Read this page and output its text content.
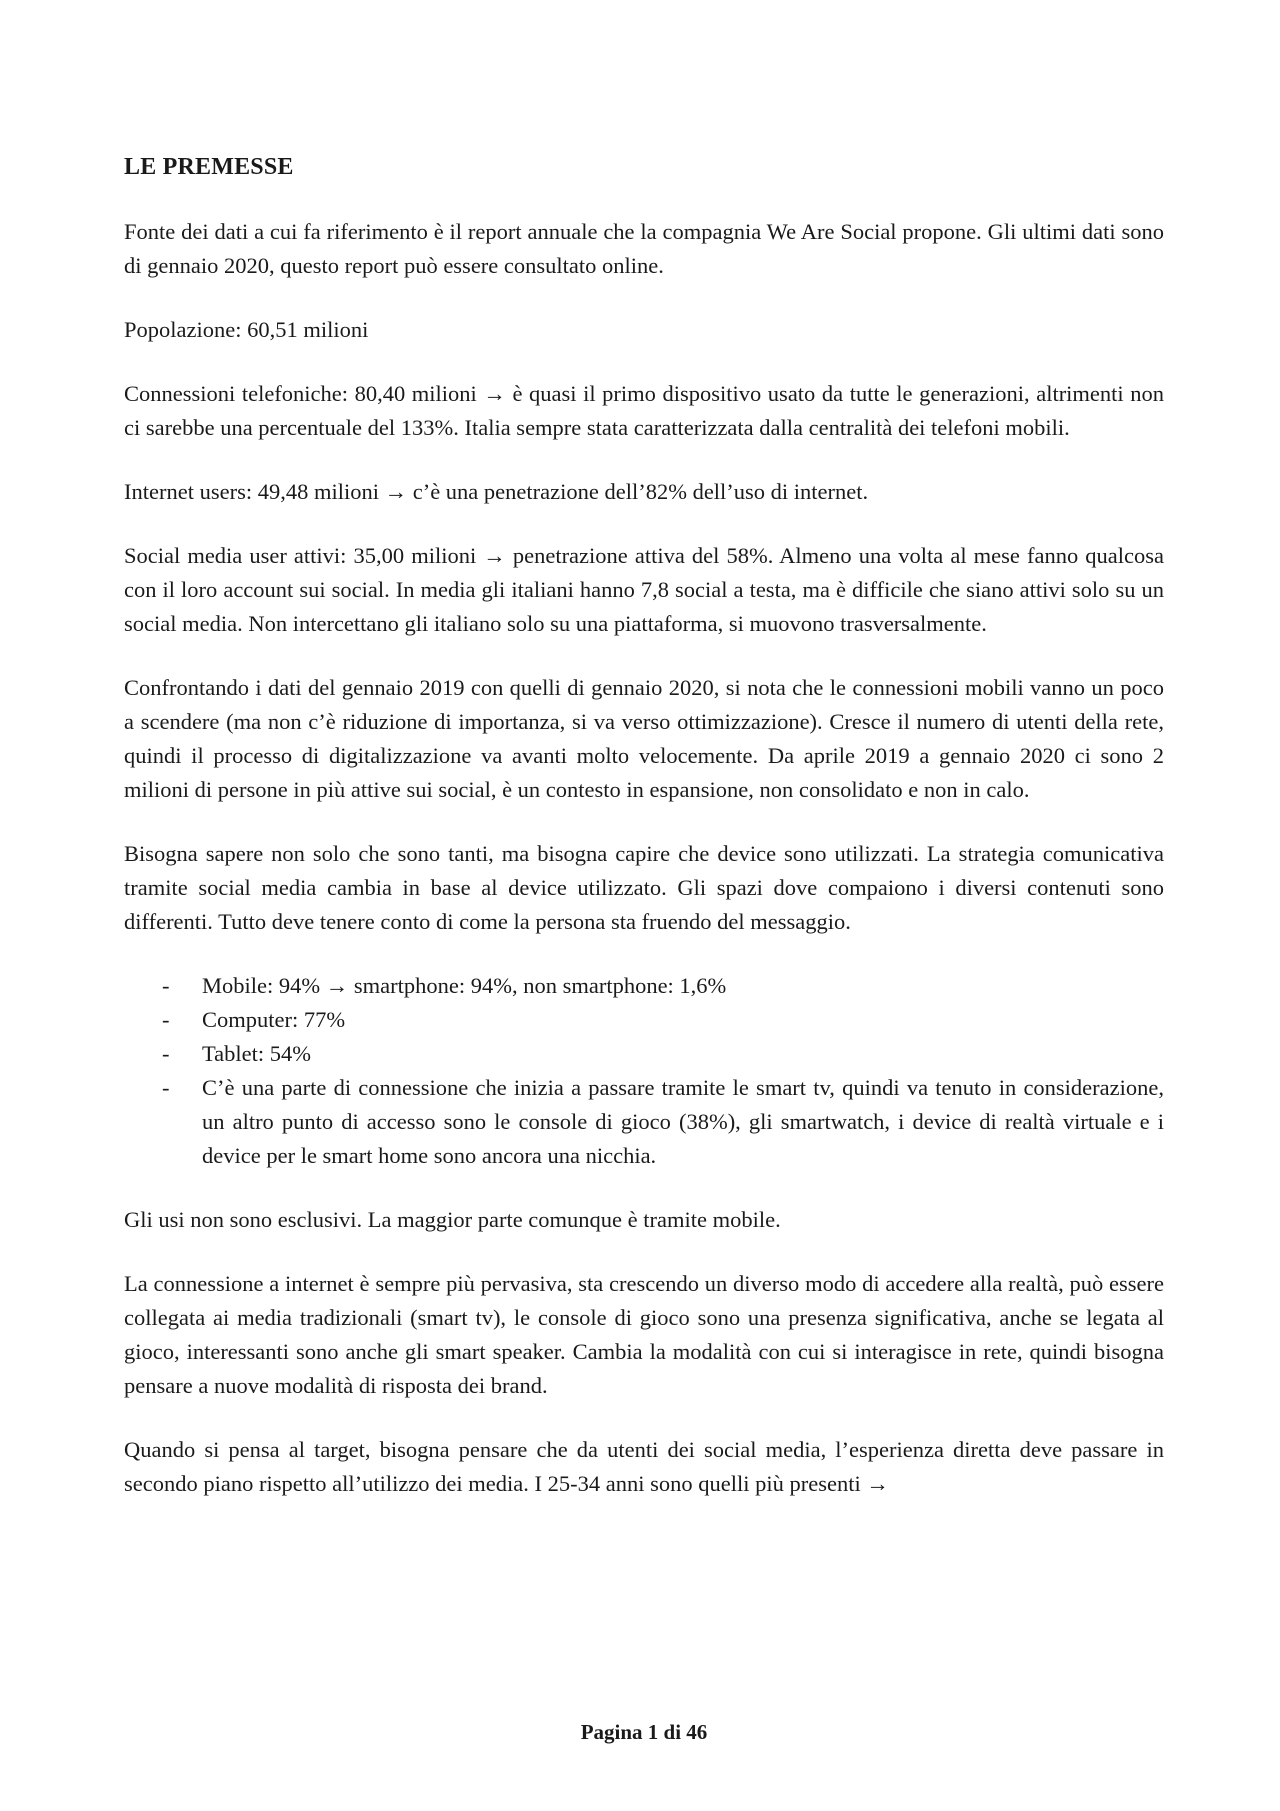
LE PREMESSE

Fonte dei dati a cui fa riferimento è il report annuale che la compagnia We Are Social propone. Gli ultimi dati sono di gennaio 2020, questo report può essere consultato online.

Popolazione: 60,51 milioni

Connessioni telefoniche: 80,40 milioni → è quasi il primo dispositivo usato da tutte le generazioni, altrimenti non ci sarebbe una percentuale del 133%. Italia sempre stata caratterizzata dalla centralità dei telefoni mobili.

Internet users: 49,48 milioni → c’è una penetrazione dell’82% dell’uso di internet.

Social media user attivi: 35,00 milioni → penetrazione attiva del 58%. Almeno una volta al mese fanno qualcosa con il loro account sui social. In media gli italiani hanno 7,8 social a testa, ma è difficile che siano attivi solo su un social media. Non intercettano gli italiano solo su una piattaforma, si muovono trasversalmente.

Confrontando i dati del gennaio 2019 con quelli di gennaio 2020, si nota che le connessioni mobili vanno un poco a scendere (ma non c’è riduzione di importanza, si va verso ottimizzazione). Cresce il numero di utenti della rete, quindi il processo di digitalizzazione va avanti molto velocemente. Da aprile 2019 a gennaio 2020 ci sono 2 milioni di persone in più attive sui social, è un contesto in espansione, non consolidato e non in calo.

Bisogna sapere non solo che sono tanti, ma bisogna capire che device sono utilizzati. La strategia comunicativa tramite social media cambia in base al device utilizzato. Gli spazi dove compaiono i diversi contenuti sono differenti. Tutto deve tenere conto di come la persona sta fruendo del messaggio.

- Mobile: 94% → smartphone: 94%, non smartphone: 1,6%
- Computer: 77%
- Tablet: 54%
- C’è una parte di connessione che inizia a passare tramite le smart tv, quindi va tenuto in considerazione, un altro punto di accesso sono le console di gioco (38%), gli smartwatch, i device di realtà virtuale e i device per le smart home sono ancora una nicchia.

Gli usi non sono esclusivi. La maggior parte comunque è tramite mobile.

La connessione a internet è sempre più pervasiva, sta crescendo un diverso modo di accedere alla realtà, può essere collegata ai media tradizionali (smart tv), le console di gioco sono una presenza significativa, anche se legata al gioco, interessanti sono anche gli smart speaker. Cambia la modalità con cui si interagisce in rete, quindi bisogna pensare a nuove modalità di risposta dei brand.

Quando si pensa al target, bisogna pensare che da utenti dei social media, l’esperienza diretta deve passare in secondo piano rispetto all’utilizzo dei media. I 25-34 anni sono quelli più presenti →

Pagina 1 di 46
